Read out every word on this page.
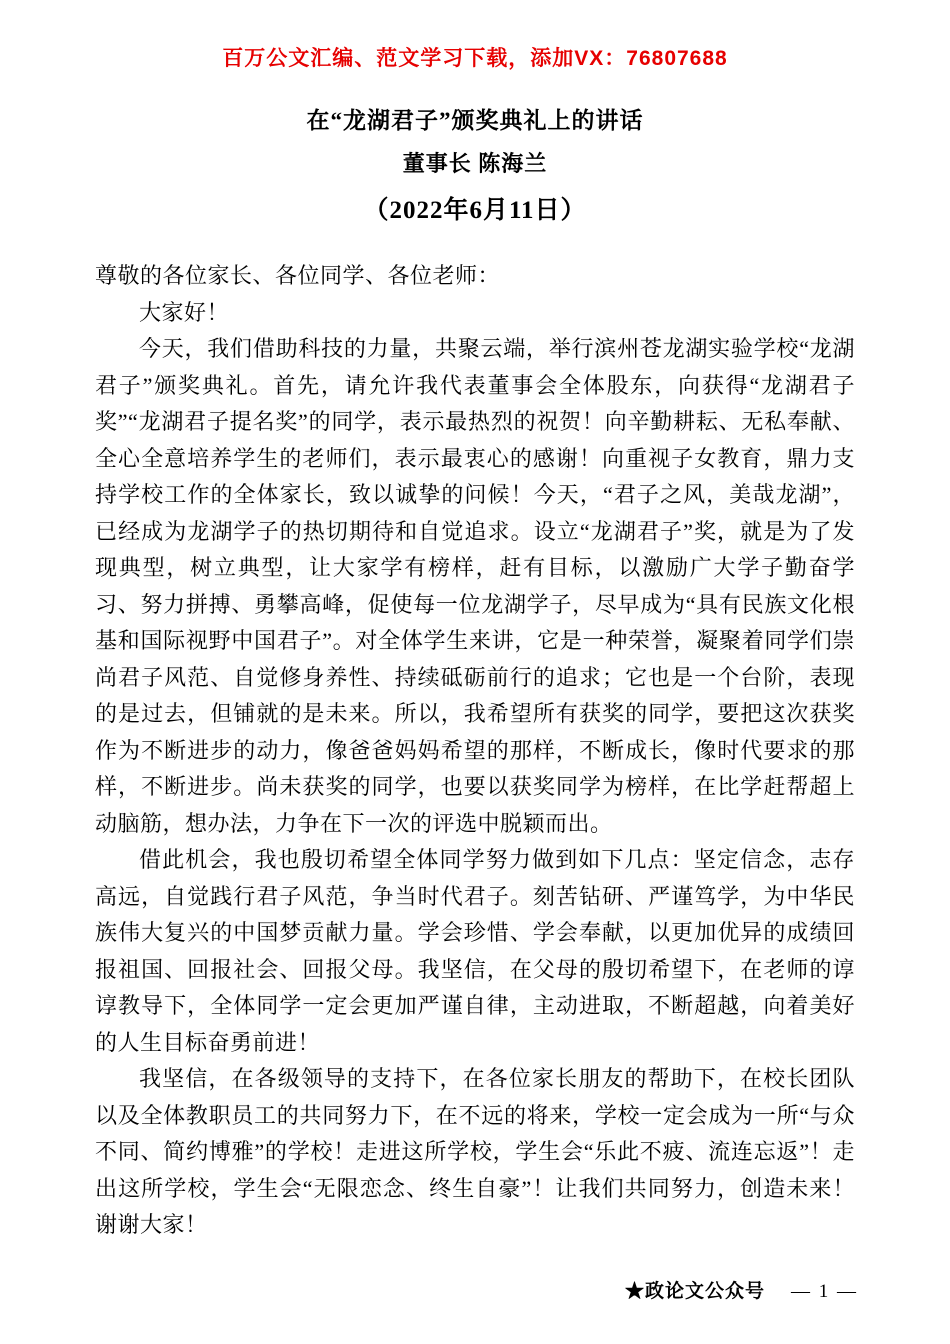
百万公文汇编、范文学习下载，添加VX：76807688

在“龙湖君子”颁奖典礼上的讲话
董事长 陈海兰
（2022年6月11日）

尊敬的各位家长、各位同学、各位老师：

大家好！

今天，我们借助科技的力量，共聚云端，举行滨州苍龙湖实验学校“龙湖君子”颁奖典礼。首先，请允许我代表董事会全体股东，向获得“龙湖君子奖”“龙湖君子提名奖”的同学，表示最热烈的祝贺！向辛勤耕耘、无私奉献、全心全意培养学生的老师们，表示最衷心的感谢！向重视子女教育，鼎力支持学校工作的全体家长，致以诚挚的问候！今天，“君子之风，美哉龙湖”，已经成为龙湖学子的热切期待和自觉追求。设立“龙湖君子”奖，就是为了发现典型，树立典型，让大家学有榜样，赶有目标，以激励广大学子勤奋学习、努力拼搏、勇攀高峰，促使每一位龙湖学子，尽早成为“具有民族文化根基和国际视野中国君子”。对全体学生来讲，它是一种荣誉，凝聚着同学们崇尚君子风范、自觉修身养性、持续砥砺前行的追求；它也是一个台阶，表现的是过去，但铺就的是未来。所以，我希望所有获奖的同学，要把这次获奖作为不断进步的动力，像爸爸妈妈希望的那样，不断成长，像时代要求的那样，不断进步。尚未获奖的同学，也要以获奖同学为榜样，在比学赶帮超上动脑筋，想办法，力争在下一次的评选中脱颖而出。

借此机会，我也殷切希望全体同学努力做到如下几点：坚定信念，志存高远，自觉践行君子风范，争当时代君子。刻苦钻研、严谨笃学，为中华民族伟大复兴的中国梦贡献力量。学会珍惜、学会奉献，以更加优异的成绩回报祖国、回报社会、回报父母。我坚信，在父母的殷切希望下，在老师的谆谆教导下，全体同学一定会更加严谨自律，主动进取，不断超越，向着美好的人生目标奋勇前进！

我坚信，在各级领导的支持下，在各位家长朋友的帮助下，在校长团队以及全体教职员工的共同努力下，在不远的将来，学校一定会成为一所“与众不同、简约博雅”的学校！走进这所学校，学生会“乐此不疲、流连忘返”！走出这所学校，学生会“无限恋念、终生自豪”！让我们共同努力，创造未来！谢谢大家！

★政论文公众号 — 1 —
